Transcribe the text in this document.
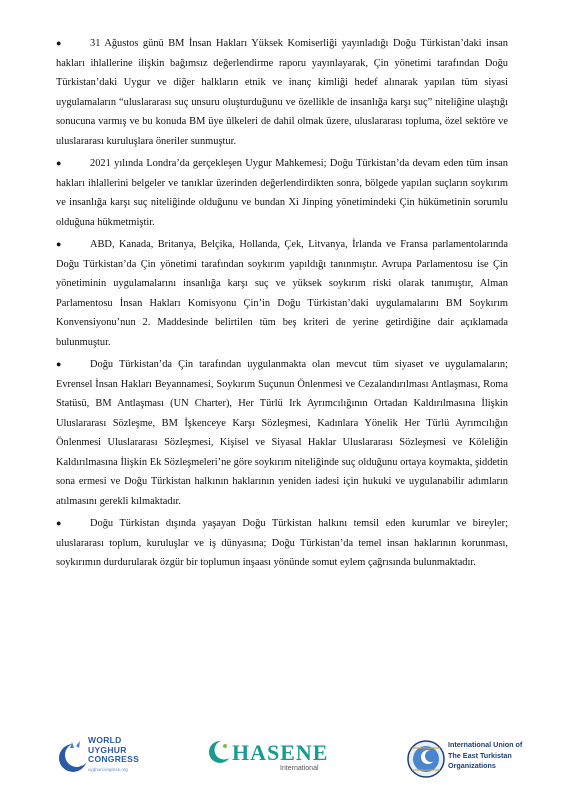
●	31 Ağustos günü BM İnsan Hakları Yüksek Komiserliği yayınladığı Doğu Türkistan’daki insan hakları ihlallerine ilişkin bağımsız değerlendirme raporu yayınlayarak, Çin yönetimi tarafından Doğu Türkistan’daki Uygur ve diğer halkların etnik ve inanç kimliği hedef alınarak yapılan tüm siyasi uygulamaların “uluslararası suç unsuru oluşturduğunu ve özellikle de insanlığa karşı suç” niteliğine ulaştığı sonucuna varmış ve bu konuda BM üye ülkeleri de dahil olmak üzere, uluslararası topluma, özel sektöre ve uluslararası kuruluşlara öneriler sunmuştur.

●	2021 yılında Londra’da gerçekleşen Uygur Mahkemesi; Doğu Türkistan’da devam eden tüm insan hakları ihlallerini belgeler ve tanıklar üzerinden değerlendirdikten sonra, bölgede yapılan suçların soykırım ve insanlığa karşı suç niteliğinde olduğunu ve bundan Xi Jinping yönetimindeki Çin hükümetinin sorumlu olduğuna hükmetmiştir.

●	ABD, Kanada, Britanya, Belçika, Hollanda, Çek, Litvanya, İrlanda ve Fransa parlamentolarında Doğu Türkistan’da Çin yönetimi tarafından soykırım yapıldığı tanınmıştır. Avrupa Parlamentosu ise Çin yönetiminin uygulamalarını insanlığa karşı suç ve yüksek soykırım riski olarak tanımıştır, Alman Parlamentosu İnsan Hakları Komisyonu Çin’in Doğu Türkistan’daki uygulamalarını BM Soykırım Konvensiyonu’nun 2. Maddesinde belirtilen tüm beş kriteri de yerine getirdiğine dair açıklamada bulunmuştur.

●	Doğu Türkistan’da Çin tarafından uygulanmakta olan mevcut tüm siyaset ve uygulamaların; Evrensel İnsan Hakları Beyannamesi, Soykırım Suçunun Önlenmesi ve Cezalandırılması Antlaşması, Roma Statüsü, BM Antlaşması (UN Charter), Her Türlü Irk Ayrımcılığının Ortadan Kaldırılmasına İlişkin Uluslararası Sözleşme, BM İşkenceye Karşı Sözleşmesi, Kadınlara Yönelik Her Türlü Ayrımcılığın Önlenmesi Uluslararası Sözleşmesi, Kişisel ve Siyasal Haklar Uluslararası Sözleşmesi ve Köleliğin Kaldırılmasına İlişkin Ek Sözleşmeleri’ne göre soykırım niteliğinde suç olduğunu ortaya koymakta, şiddetin sona ermesi ve Doğu Türkistan halkının haklarının yeniden iadesi için hukuki ve uygulanabilir adımların atılmasını gerekli kılmaktadır.

●	Doğu Türkistan dışında yaşayan Doğu Türkistan halkını temsil eden kurumlar ve bireyler; uluslararası toplum, kuruluşlar ve iş dünyasına; Doğu Türkistan’da temel insan haklarının korunması, soykırımın durdurularak özgür bir toplumun inşaası yönünde somut eylem çağrısında bulunmaktadır.

WORLD
UYGHUR
CONGRESS
uyghurcongress.org
HASENE
International
International Union of
The East Turkistan
Organizations
